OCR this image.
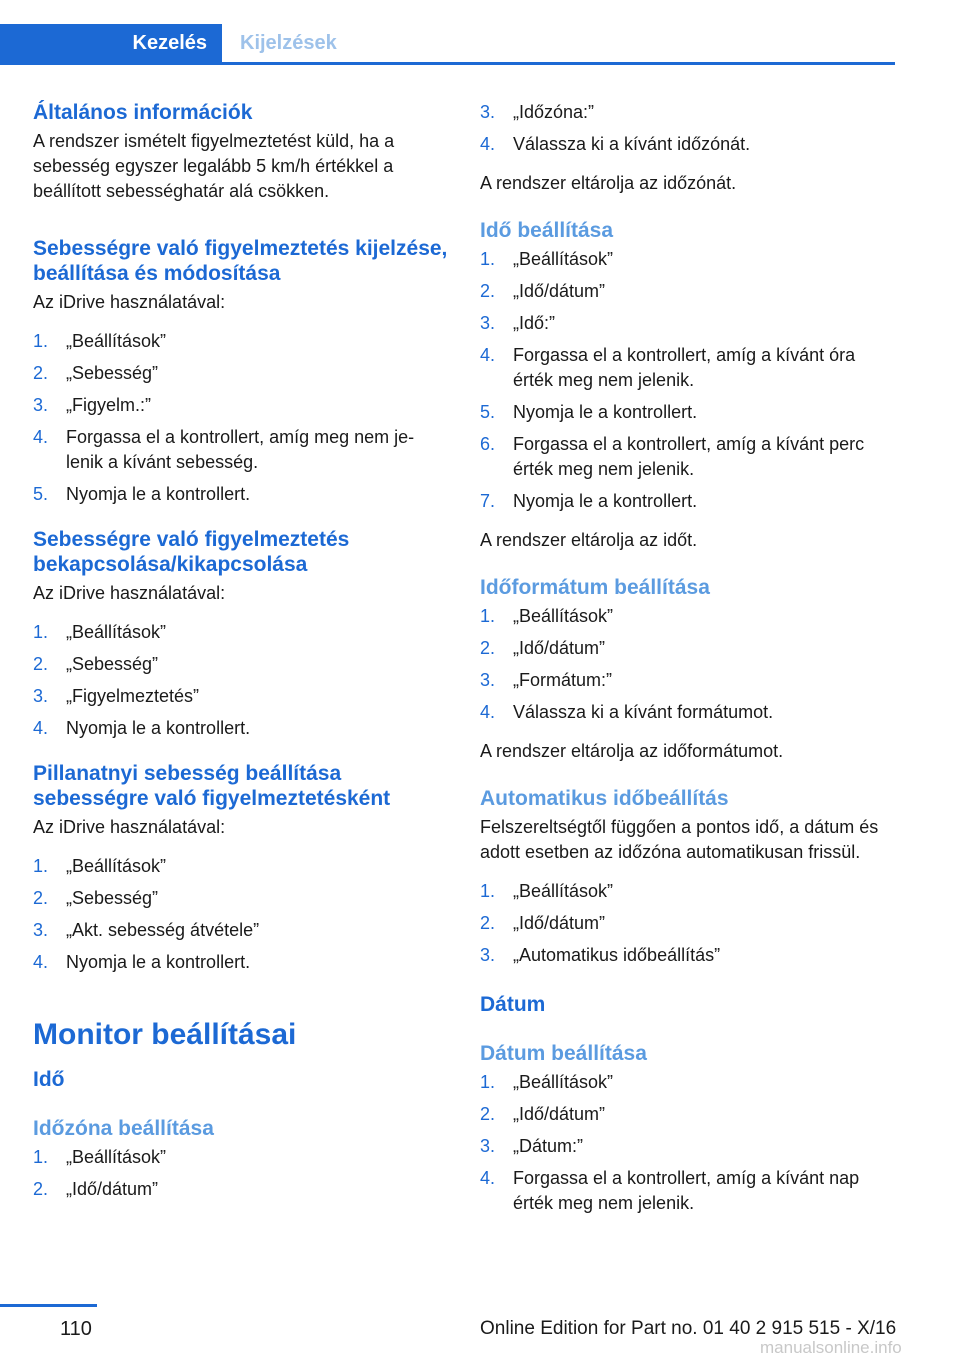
Kezelés	Kijelzések
Általános információk

A rendszer ismételt figyelmeztetést küld, ha a sebesség egyszer legalább 5 km/h értékkel a beállított sebességhatár alá csökken.

Sebességre való figyelmeztetés kijelzése, beállítása és módosítása

Az iDrive használatával:

1. „Beállítások”
2. „Sebesség”
3. „Figyelm.:”
4. Forgassa el a kontrollert, amíg meg nem je-lenik a kívánt sebesség.
5. Nyomja le a kontrollert.
Sebességre való figyelmeztetés bekapcsolása/kikapcsolása

Az iDrive használatával:

1. „Beállítások”
2. „Sebesség”
3. „Figyelmeztetés”
4. Nyomja le a kontrollert.
Pillanatnyi sebesség beállítása sebességre való figyelmeztetésként

Az iDrive használatával:

1. „Beállítások”
2. „Sebesség”
3. „Akt. sebesség átvétele”
4. Nyomja le a kontrollert.
Monitor beállításai
Idő
Időzóna beállítása
1. „Beállítások”
2. „Idő/dátum”
3. „Időzóna:”
4. Válassza ki a kívánt időzónát.

A rendszer eltárolja az időzónát.

Idő beállítása
1. „Beállítások”
2. „Idő/dátum”
3. „Idő:”
4. Forgassa el a kontrollert, amíg a kívánt óra érték meg nem jelenik.
5. Nyomja le a kontrollert.
6. Forgassa el a kontrollert, amíg a kívánt perc érték meg nem jelenik.
7. Nyomja le a kontrollert.

A rendszer eltárolja az időt.

Időformátum beállítása
1. „Beállítások”
2. „Idő/dátum”
3. „Formátum:”
4. Válassza ki a kívánt formátumot.

A rendszer eltárolja az időformátumot.

Automatikus időbeállítás

Felszereltségtől függően a pontos idő, a dátum és adott esetben az időzóna automatikusan frissül.

1. „Beállítások”
2. „Idő/dátum”
3. „Automatikus időbeállítás”
Dátum
Dátum beállítása
1. „Beállítások”
2. „Idő/dátum”
3. „Dátum:”
4. Forgassa el a kontrollert, amíg a kívánt nap érték meg nem jelenik.
110	Online Edition for Part no. 01 40 2 915 515 - X/16
manualsonline.info
